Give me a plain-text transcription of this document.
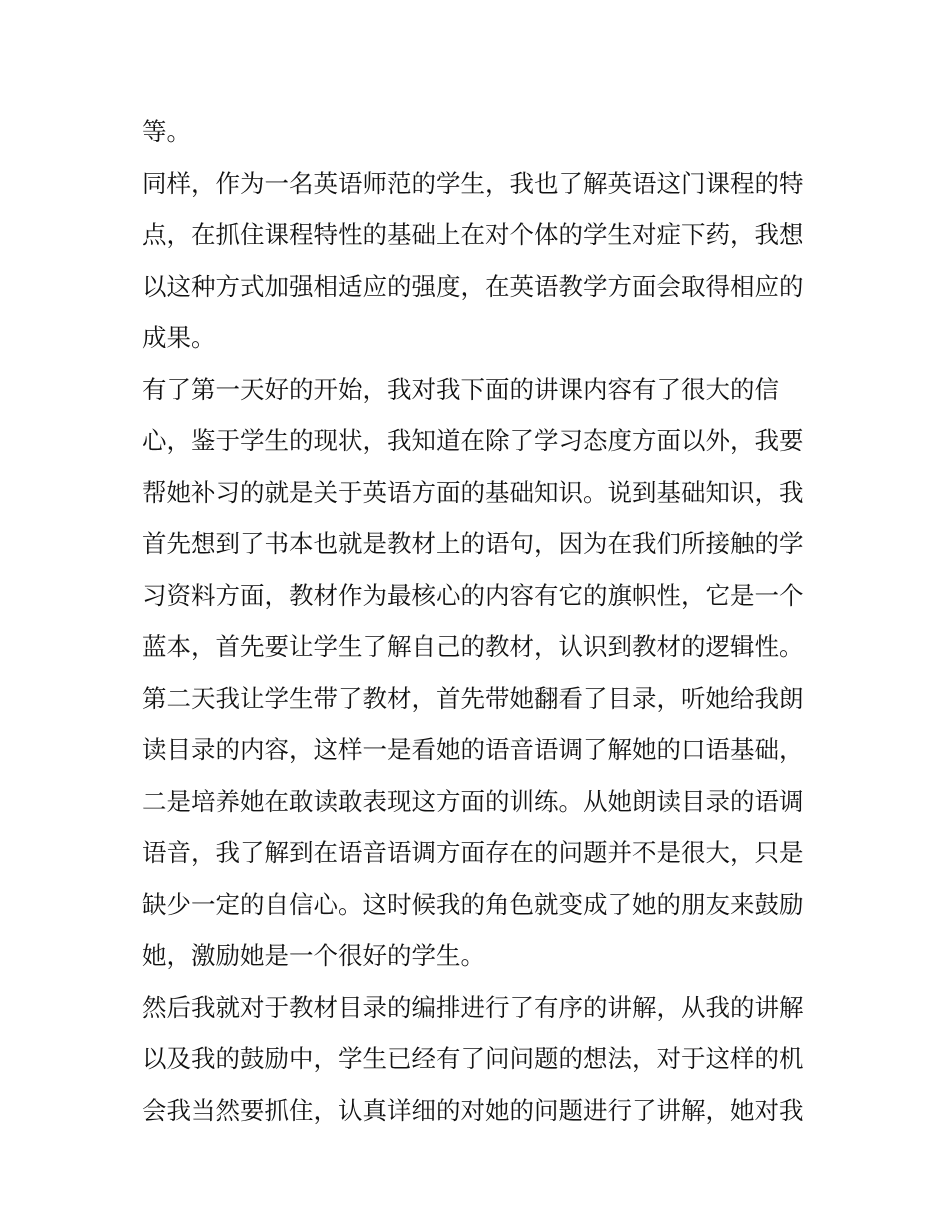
等。
同样，作为一名英语师范的学生，我也了解英语这门课程的特
点，在抓住课程特性的基础上在对个体的学生对症下药，我想
以这种方式加强相适应的强度，在英语教学方面会取得相应的
成果。
有了第一天好的开始，我对我下面的讲课内容有了很大的信
心，鉴于学生的现状，我知道在除了学习态度方面以外，我要
帮她补习的就是关于英语方面的基础知识。说到基础知识，我
首先想到了书本也就是教材上的语句，因为在我们所接触的学
习资料方面，教材作为最核心的内容有它的旗帜性，它是一个
蓝本，首先要让学生了解自己的教材，认识到教材的逻辑性。
第二天我让学生带了教材，首先带她翻看了目录，听她给我朗
读目录的内容，这样一是看她的语音语调了解她的口语基础，
二是培养她在敢读敢表现这方面的训练。从她朗读目录的语调
语音，我了解到在语音语调方面存在的问题并不是很大，只是
缺少一定的自信心。这时候我的角色就变成了她的朋友来鼓励
她，激励她是一个很好的学生。
然后我就对于教材目录的编排进行了有序的讲解，从我的讲解
以及我的鼓励中，学生已经有了问问题的想法，对于这样的机
会我当然要抓住，认真详细的对她的问题进行了讲解，她对我
